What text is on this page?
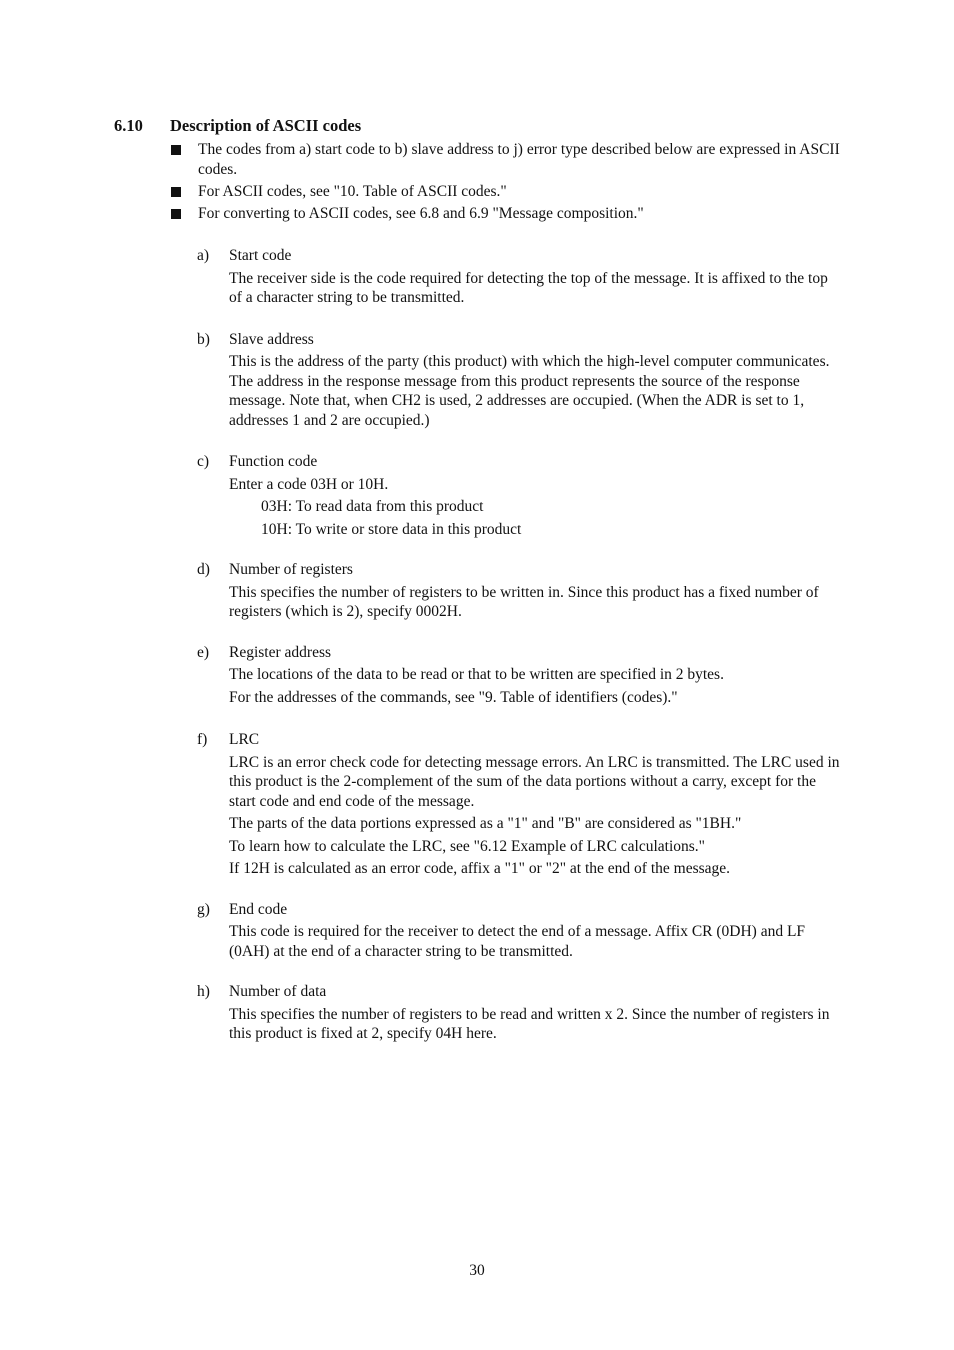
6.10 Description of ASCII codes
The codes from a) start code to b) slave address to j) error type described below are expressed in ASCII codes.
For ASCII codes, see "10. Table of ASCII codes."
For converting to ASCII codes, see 6.8 and 6.9 "Message composition."
a) Start code
The receiver side is the code required for detecting the top of the message. It is affixed to the top of a character string to be transmitted.
b) Slave address
This is the address of the party (this product) with which the high-level computer communicates. The address in the response message from this product represents the source of the response message. Note that, when CH2 is used, 2 addresses are occupied. (When the ADR is set to 1, addresses 1 and 2 are occupied.)
c) Function code
Enter a code 03H or 10H.
03H: To read data from this product
10H: To write or store data in this product
d) Number of registers
This specifies the number of registers to be written in. Since this product has a fixed number of registers (which is 2), specify 0002H.
e) Register address
The locations of the data to be read or that to be written are specified in 2 bytes.
For the addresses of the commands, see "9. Table of identifiers (codes)."
f) LRC
LRC is an error check code for detecting message errors. An LRC is transmitted. The LRC used in this product is the 2-complement of the sum of the data portions without a carry, except for the start code and end code of the message.
The parts of the data portions expressed as a "1" and "B" are considered as "1BH."
To learn how to calculate the LRC, see "6.12 Example of LRC calculations."
If 12H is calculated as an error code, affix a "1" or "2" at the end of the message.
g) End code
This code is required for the receiver to detect the end of a message. Affix CR (0DH) and LF (0AH) at the end of a character string to be transmitted.
h) Number of data
This specifies the number of registers to be read and written x 2. Since the number of registers in this product is fixed at 2, specify 04H here.
30
